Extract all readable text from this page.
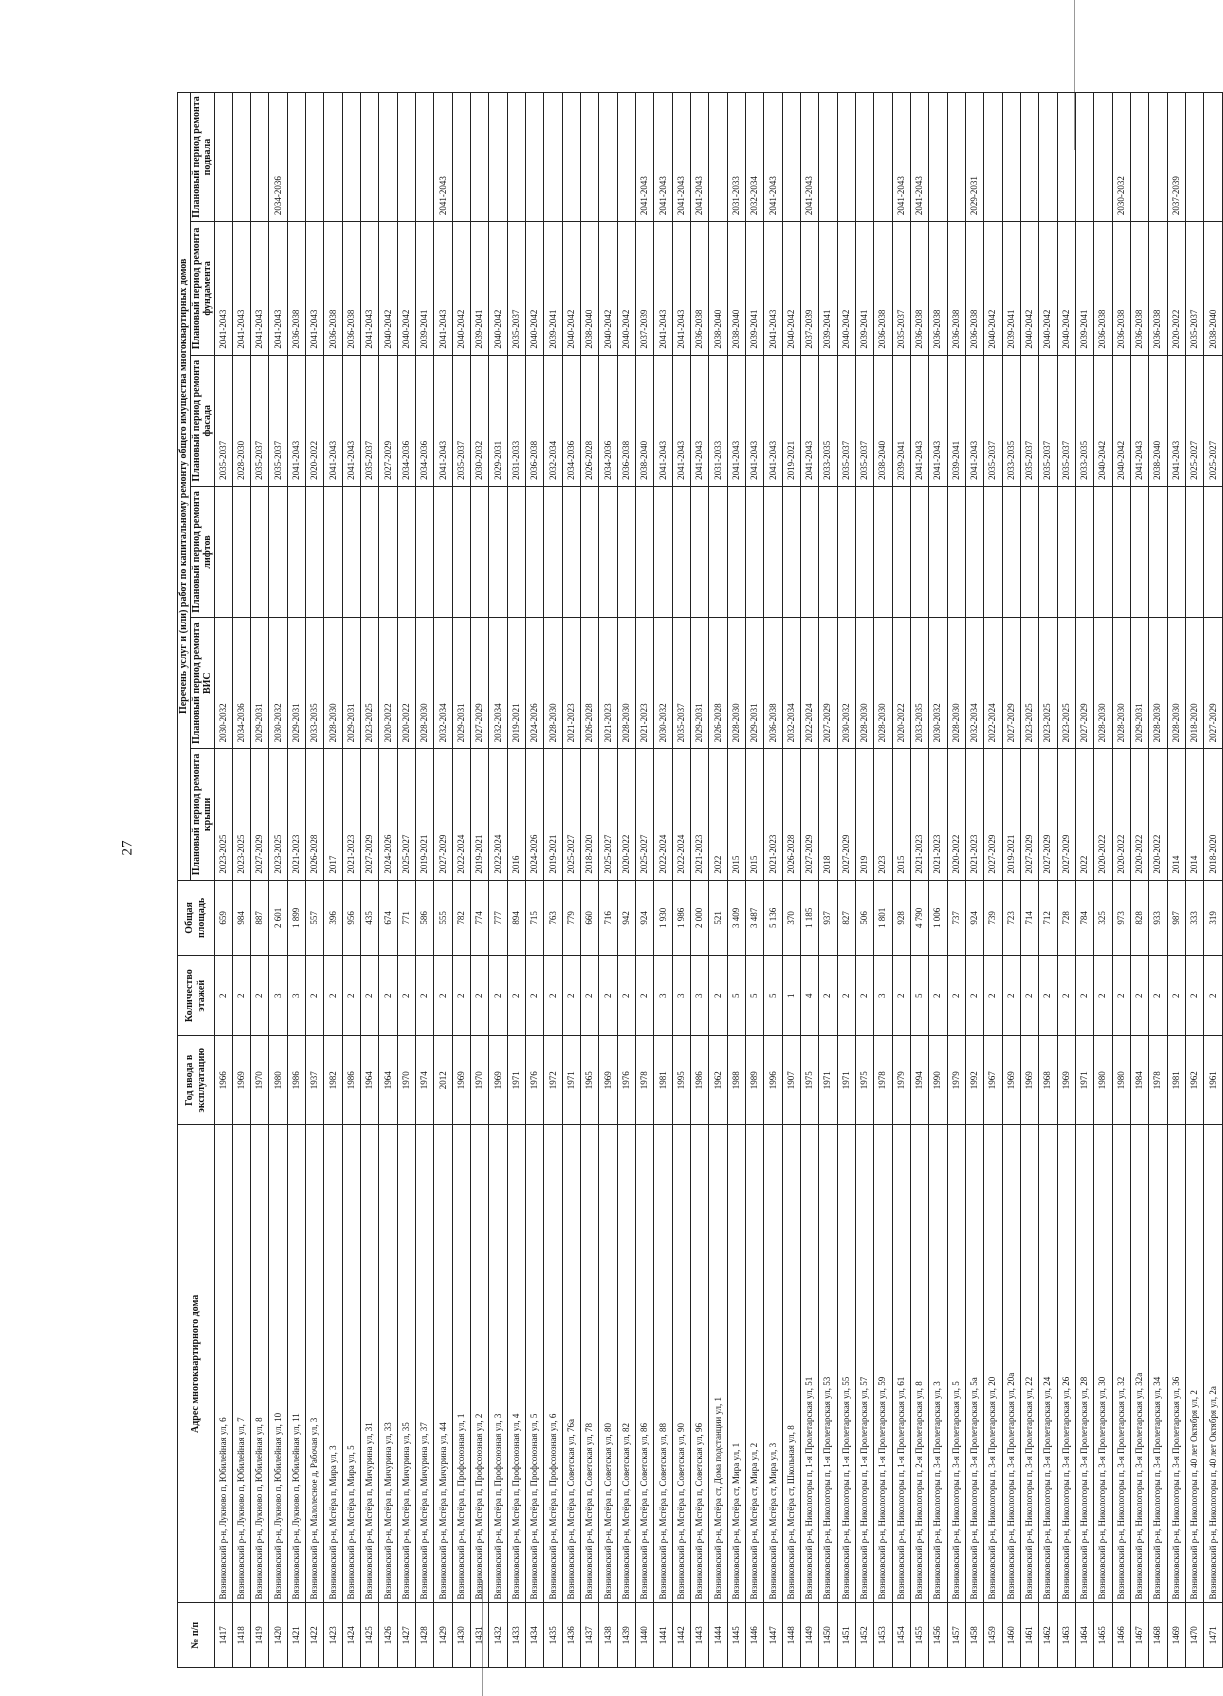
27
№ п/п	Адрес многоквартирного дома	Год ввода в эксплуатацию	Количество этажей	Общая площадь	Перечень услуг и (или) работ по капитальному ремонту общего имущества многоквартирных домов					
					Плановый период ремонта крыши	Плановый период ремонта ВИС	Плановый период ремонта лифтов	Плановый период ремонта фасада	Плановый период ремонта фундамента	Плановый период ремонта подвала
1417	Вязниковский р-н, Лукново п, Юбилейная ул, 6	1966	2	659	2023-2025	2030-2032		2035-2037	2041-2043	
1418	Вязниковский р-н, Лукново п, Юбилейная ул, 7	1969	2	984	2023-2025	2034-2036		2028-2030	2041-2043	
1419	Вязниковский р-н, Лукново п, Юбилейная ул, 8	1970	2	887	2027-2029	2029-2031		2035-2037	2041-2043	
1420	Вязниковский р-н, Лукново п, Юбилейная ул, 10	1980	3	2 601	2023-2025	2030-2032		2035-2037	2041-2043	2034-2036
1421	Вязниковский р-н, Лукново п, Юбилейная ул, 11	1986	3	1 899	2021-2023	2029-2031		2041-2043	2036-2038	
1422	Вязниковский р-н, Малолесное д, Рабочая ул, 3	1937	2	557	2026-2028	2033-2035		2020-2022	2041-2043	
1423	Вязниковский р-н, Мстёра п, Мира ул, 3	1982	2	396	2017	2028-2030		2041-2043	2036-2038	
1424	Вязниковский р-н, Мстёра п, Мира ул, 5	1986	2	956	2021-2023	2029-2031		2041-2043	2036-2038	
1425	Вязниковский р-н, Мстёра п, Мичурина ул, 31	1964	2	435	2027-2029	2023-2025		2035-2037	2041-2043	
1426	Вязниковский р-н, Мстёра п, Мичурина ул, 33	1964	2	674	2024-2026	2020-2022		2027-2029	2040-2042	
1427	Вязниковский р-н, Мстёра п, Мичурина ул, 35	1970	2	771	2025-2027	2020-2022		2034-2036	2040-2042	
1428	Вязниковский р-н, Мстёра п, Мичурина ул, 37	1974	2	586	2019-2021	2028-2030		2034-2036	2039-2041	
1429	Вязниковский р-н, Мстёра п, Мичурина ул, 44	2012	2	555	2027-2029	2032-2034		2041-2043	2041-2043	2041-2043
1430	Вязниковский р-н, Мстёра п, Профсоюзная ул, 1	1969	2	782	2022-2024	2029-2031		2035-2037	2040-2042	
1431	Вязниковский р-н, Мстёра п, Профсоюзная ул, 2	1970	2	774	2019-2021	2027-2029		2030-2032	2039-2041	
1432	Вязниковский р-н, Мстёра п, Профсоюзная ул, 3	1969	2	777	2022-2024	2032-2034		2029-2031	2040-2042	
1433	Вязниковский р-н, Мстёра п, Профсоюзная ул, 4	1971	2	894	2016	2019-2021		2031-2033	2035-2037	
1434	Вязниковский р-н, Мстёра п, Профсоюзная ул, 5	1976	2	715	2024-2026	2024-2026		2036-2038	2040-2042	
1435	Вязниковский р-н, Мстёра п, Профсоюзная ул, 6	1972	2	763	2019-2021	2028-2030		2032-2034	2039-2041	
1436	Вязниковский р-н, Мстёра п, Советская ул, 76а	1971	2	779	2025-2027	2021-2023		2034-2036	2040-2042	
1437	Вязниковский р-н, Мстёра п, Советская ул, 78	1965	2	660	2018-2020	2026-2028		2026-2028	2038-2040	
1438	Вязниковский р-н, Мстёра п, Советская ул, 80	1969	2	716	2025-2027	2021-2023		2034-2036	2040-2042	
1439	Вязниковский р-н, Мстёра п, Советская ул, 82	1976	2	942	2020-2022	2028-2030		2036-2038	2040-2042	
1440	Вязниковский р-н, Мстёра п, Советская ул, 86	1978	2	924	2025-2027	2021-2023		2038-2040	2037-2039	2041-2043
1441	Вязниковский р-н, Мстёра п, Советская ул, 88	1981	3	1 930	2022-2024	2030-2032		2041-2043	2041-2043	2041-2043
1442	Вязниковский р-н, Мстёра п, Советская ул, 90	1995	3	1 986	2022-2024	2035-2037		2041-2043	2041-2043	2041-2043
1443	Вязниковский р-н, Мстёра п, Советская ул, 96	1986	3	2 000	2021-2023	2029-2031		2041-2043	2036-2038	2041-2043
1444	Вязниковский р-н, Мстёра ст, Дома подстанции ул, 1	1962	2	521	2022	2026-2028		2031-2033	2038-2040	
1445	Вязниковский р-н, Мстёра ст, Мира ул, 1	1988	5	3 409	2015	2028-2030		2041-2043	2038-2040	2031-2033
1446	Вязниковский р-н, Мстёра ст, Мира ул, 2	1989	5	3 487	2015	2029-2031		2041-2043	2039-2041	2032-2034
1447	Вязниковский р-н, Мстёра ст, Мира ул, 3	1996	5	5 136	2021-2023	2036-2038		2041-2043	2041-2043	2041-2043
1448	Вязниковский р-н, Мстёра ст, Школьная ул, 8	1907	1	370	2026-2028	2032-2034		2019-2021	2040-2042	
1449	Вязниковский р-н, Никологоры п, 1-я Пролетарская ул, 51	1975	4	1 185	2027-2029	2022-2024		2041-2043	2037-2039	2041-2043
1450	Вязниковский р-н, Никологоры п, 1-я Пролетарская ул, 53	1971	2	937	2018	2027-2029		2033-2035	2039-2041	
1451	Вязниковский р-н, Никологоры п, 1-я Пролетарская ул, 55	1971	2	827	2027-2029	2030-2032		2035-2037	2040-2042	
1452	Вязниковский р-н, Никологоры п, 1-я Пролетарская ул, 57	1975	2	506	2019	2028-2030		2035-2037	2039-2041	
1453	Вязниковский р-н, Никологоры п, 1-я Пролетарская ул, 59	1978	3	1 801	2023	2028-2030		2038-2040	2036-2038	
1454	Вязниковский р-н, Никологоры п, 1-я Пролетарская ул, 61	1979	2	928	2015	2020-2022		2039-2041	2035-2037	2041-2043
1455	Вязниковский р-н, Никологоры п, 2-я Пролетарская ул, 8	1994	5	4 790	2021-2023	2033-2035		2041-2043	2036-2038	2041-2043
1456	Вязниковский р-н, Никологоры п, 3-я Пролетарская ул, 3	1990	2	1 006	2021-2023	2030-2032		2041-2043	2036-2038	
1457	Вязниковский р-н, Никологоры п, 3-я Пролетарская ул, 5	1979	2	737	2020-2022	2028-2030		2039-2041	2036-2038	
1458	Вязниковский р-н, Никологоры п, 3-я Пролетарская ул, 5а	1992	2	924	2021-2023	2032-2034		2041-2043	2036-2038	2029-2031
1459	Вязниковский р-н, Никологоры п, 3-я Пролетарская ул, 20	1967	2	739	2027-2029	2022-2024		2035-2037	2040-2042	
1460	Вязниковский р-н, Никологоры п, 3-я Пролетарская ул, 20а	1969	2	723	2019-2021	2027-2029		2033-2035	2039-2041	
1461	Вязниковский р-н, Никологоры п, 3-я Пролетарская ул, 22	1969	2	714	2027-2029	2023-2025		2035-2037	2040-2042	
1462	Вязниковский р-н, Никологоры п, 3-я Пролетарская ул, 24	1968	2	712	2027-2029	2023-2025		2035-2037	2040-2042	
1463	Вязниковский р-н, Никологоры п, 3-я Пролетарская ул, 26	1969	2	728	2027-2029	2023-2025		2035-2037	2040-2042	
1464	Вязниковский р-н, Никологоры п, 3-я Пролетарская ул, 28	1971	2	784	2022	2027-2029		2033-2035	2039-2041	
1465	Вязниковский р-н, Никологоры п, 3-я Пролетарская ул, 30	1980	2	325	2020-2022	2028-2030		2040-2042	2036-2038	
1466	Вязниковский р-н, Никологоры п, 3-я Пролетарская ул, 32	1980	2	973	2020-2022	2028-2030		2040-2042	2036-2038	2030-2032
1467	Вязниковский р-н, Никологоры п, 3-я Пролетарская ул, 32а	1984	2	828	2020-2022	2029-2031		2041-2043	2036-2038	
1468	Вязниковский р-н, Никологоры п, 3-я Пролетарская ул, 34	1978	2	933	2020-2022	2028-2030		2038-2040	2036-2038	
1469	Вязниковский р-н, Никологоры п, 3-я Пролетарская ул, 36	1981	2	987	2014	2028-2030		2041-2043	2020-2022	2037-2039
1470	Вязниковский р-н, Никологоры п, 40 лет Октября ул, 2	1962	2	333	2014	2018-2020		2025-2027	2035-2037	
1471	Вязниковский р-н, Никологоры п, 40 лет Октября ул, 2а	1961	2	319	2018-2020	2027-2029		2025-2027	2038-2040	
